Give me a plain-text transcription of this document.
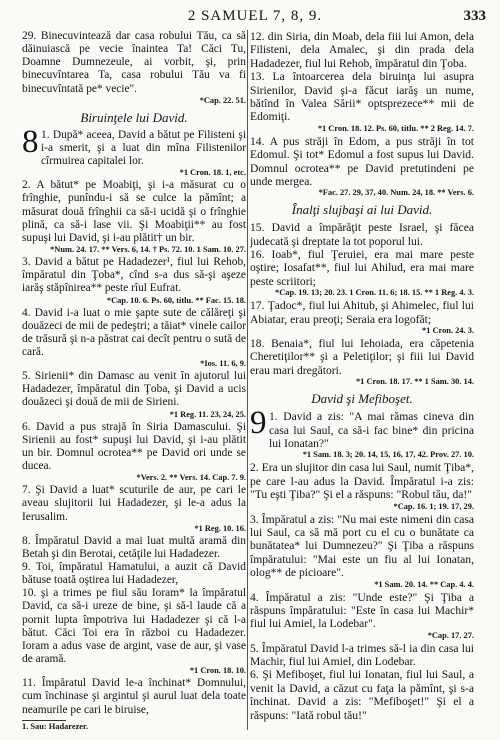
2 SAMUEL 7, 8, 9.	333

29. Binecuvintează dar casa robului Tău, ca să dăinuiască pe vecie înaintea Ta! Căci Tu, Doamne Dumnezeule, ai vorbit, şi, prin binecuvîntarea Ta, casa robului Tău va fi binecuvîntată pe* vecie".

*Cap. 22. 51.
Biruinţele lui David.
8 1. După* aceea, David a bătut pe Filisteni şi i-a smerit, şi a luat din mîna Filistenilor cîrmuirea capitalei lor.

*1 Cron. 18. 1, etc.

2. A bătut* pe Moabiţi, şi i-a măsurat cu o frînghie, punîndu-i să se culce la pămînt; a măsurat două frînghii ca să-i ucidă şi o frînghie plină, ca să-i lase vii. Şi Moabiţii** au fost supuşi lui David, şi i-au plătit† un bir.

*Num. 24. 17. ** Vers. 6, 14. † Ps. 72. 10. 1 Sam. 10. 27.

3. David a bătut pe Hadadezer¹, fiul lui Rehob, împăratul din Ţoba*, cînd s-a dus să-şi aşeze iarăş stăpînirea** peste rîul Eufrat.

*Cap. 10. 6. Ps. 60, titlu. ** Fac. 15. 18.

4. David i-a luat o mie şapte sute de călăreţi şi douăzeci de mii de pedeştri; a tăiat* vinele cailor de trăsură şi n-a păstrat cai decît pentru o sută de cară.

*Ios. 11. 6, 9.

5. Sirienii* din Damasc au venit în ajutorul lui Hadadezer, împăratul din Ţoba, şi David a ucis douăzeci şi două de mii de Sirieni.

*1 Reg. 11. 23, 24, 25.

6. David a pus strajă în Siria Damascului. Şi Sirienii au fost* supuşi lui David, şi i-au plătit un bir. Domnul ocrotea** pe David ori unde se ducea.

*Vers. 2. ** Vers. 14. Cap. 7. 9.

7. Şi David a luat* scuturile de aur, pe cari le aveau slujitorii lui Hadadezer, şi le-a adus la Ierusalim.

*1 Reg. 10. 16.

8. Împăratul David a mai luat multă aramă din Betah şi din Berotai, cetăţile lui Hadadezer.

9. Toi, împăratul Hamatului, a auzit că David bătuse toată oştirea lui Hadadezer,

10. şi a trimes pe fiul său Ioram* la împăratul David, ca să-i ureze de bine, şi să-l laude că a pornit lupta împotriva lui Hadadezer şi că l-a bătut. Căci Toi era în război cu Hadadezer. Ioram a adus vase de argint, vase de aur, şi vase de aramă.

*1 Cron. 18. 10.

11. Împăratul David le-a închinat* Domnului, cum închinase şi argintul şi aurul luat dela toate neamurile pe cari le biruise,

1. Sau: Hadarezer.

12. din Siria, din Moab, dela fiii lui Amon, dela Filisteni, dela Amalec, şi din prada dela Hadadezer, fiul lui Rehob, împăratul din Ţoba.

13. La întoarcerea dela biruinţa lui asupra Sirienilor, David şi-a făcut iarăş un nume, bătînd în Valea Sării* optsprezece** mii de Edomiţi.

*1 Cron. 18. 12. Ps. 60, titlu. ** 2 Reg. 14. 7.

14. A pus străji în Edom, a pus străji în tot Edomul. Şi tot* Edomul a fost supus lui David. Domnul ocrotea** pe David pretutindeni pe unde mergea.

*Fac. 27. 29, 37, 40. Num. 24, 18. ** Vers. 6.
Înalţi slujbaşi ai lui David.

15. David a împărăţit peste Israel, şi făcea judecată şi dreptate la tot poporul lui.

16. Ioab*, fiul Ţeruiei, era mai mare peste oştire; Iosafat**, fiul lui Ahilud, era mai mare peste scriitori;

*Cap. 19. 13; 20. 23. 1 Cron. 11. 6; 18. 15. ** 1 Reg. 4. 3.

17. Ţadoc*, fiul lui Ahitub, şi Ahimelec, fiul lui Abiatar, erau preoţi; Seraia era logofăt;

*1 Cron. 24. 3.

18. Benaia*, fiul lui Iehoiada, era căpetenia Cheretiţilor** şi a Peletiţilor; şi fiii lui David erau mari dregători.

*1 Cron. 18. 17. ** 1 Sam. 30. 14.
David şi Mefiboşet.
9 1. David a zis: "A mai rămas cineva din casa lui Saul, ca să-i fac bine* din pricina lui Ionatan?"

*1 Sam. 18. 3; 20. 14, 15, 16, 17, 42. Prov. 27. 10.

2. Era un slujitor din casa lui Saul, numit Ţiba*, pe care l-au adus la David. Împăratul i-a zis: "Tu eşti Ţiba?" Şi el a răspuns: "Robul tău, da!"

*Cap. 16. 1; 19. 17, 29.

3. Împăratul a zis: "Nu mai este nimeni din casa lui Saul, ca să mă port cu el cu o bunătate ca bunătatea* lui Dumnezeu?" Şi Ţiba a răspuns împăratului: "Mai este un fiu al lui Ionatan, olog** de picioare".

*1 Sam. 20. 14. ** Cap. 4. 4.

4. Împăratul a zis: "Unde este?" Şi Ţiba a răspuns împăratului: "Este în casa lui Machir* fiul lui Amiel, la Lodebar".

*Cap. 17. 27.

5. Împăratul David l-a trimes să-l ia din casa lui Machir, fiul lui Amiel, din Lodebar.

6. Şi Mefiboşet, fiul lui Ionatan, fiul lui Saul, a venit la David, a căzut cu faţa la pămînt, şi s-a închinat. David a zis: "Mefiboşet!" Şi el a răspuns: "Iată robul tău!"
